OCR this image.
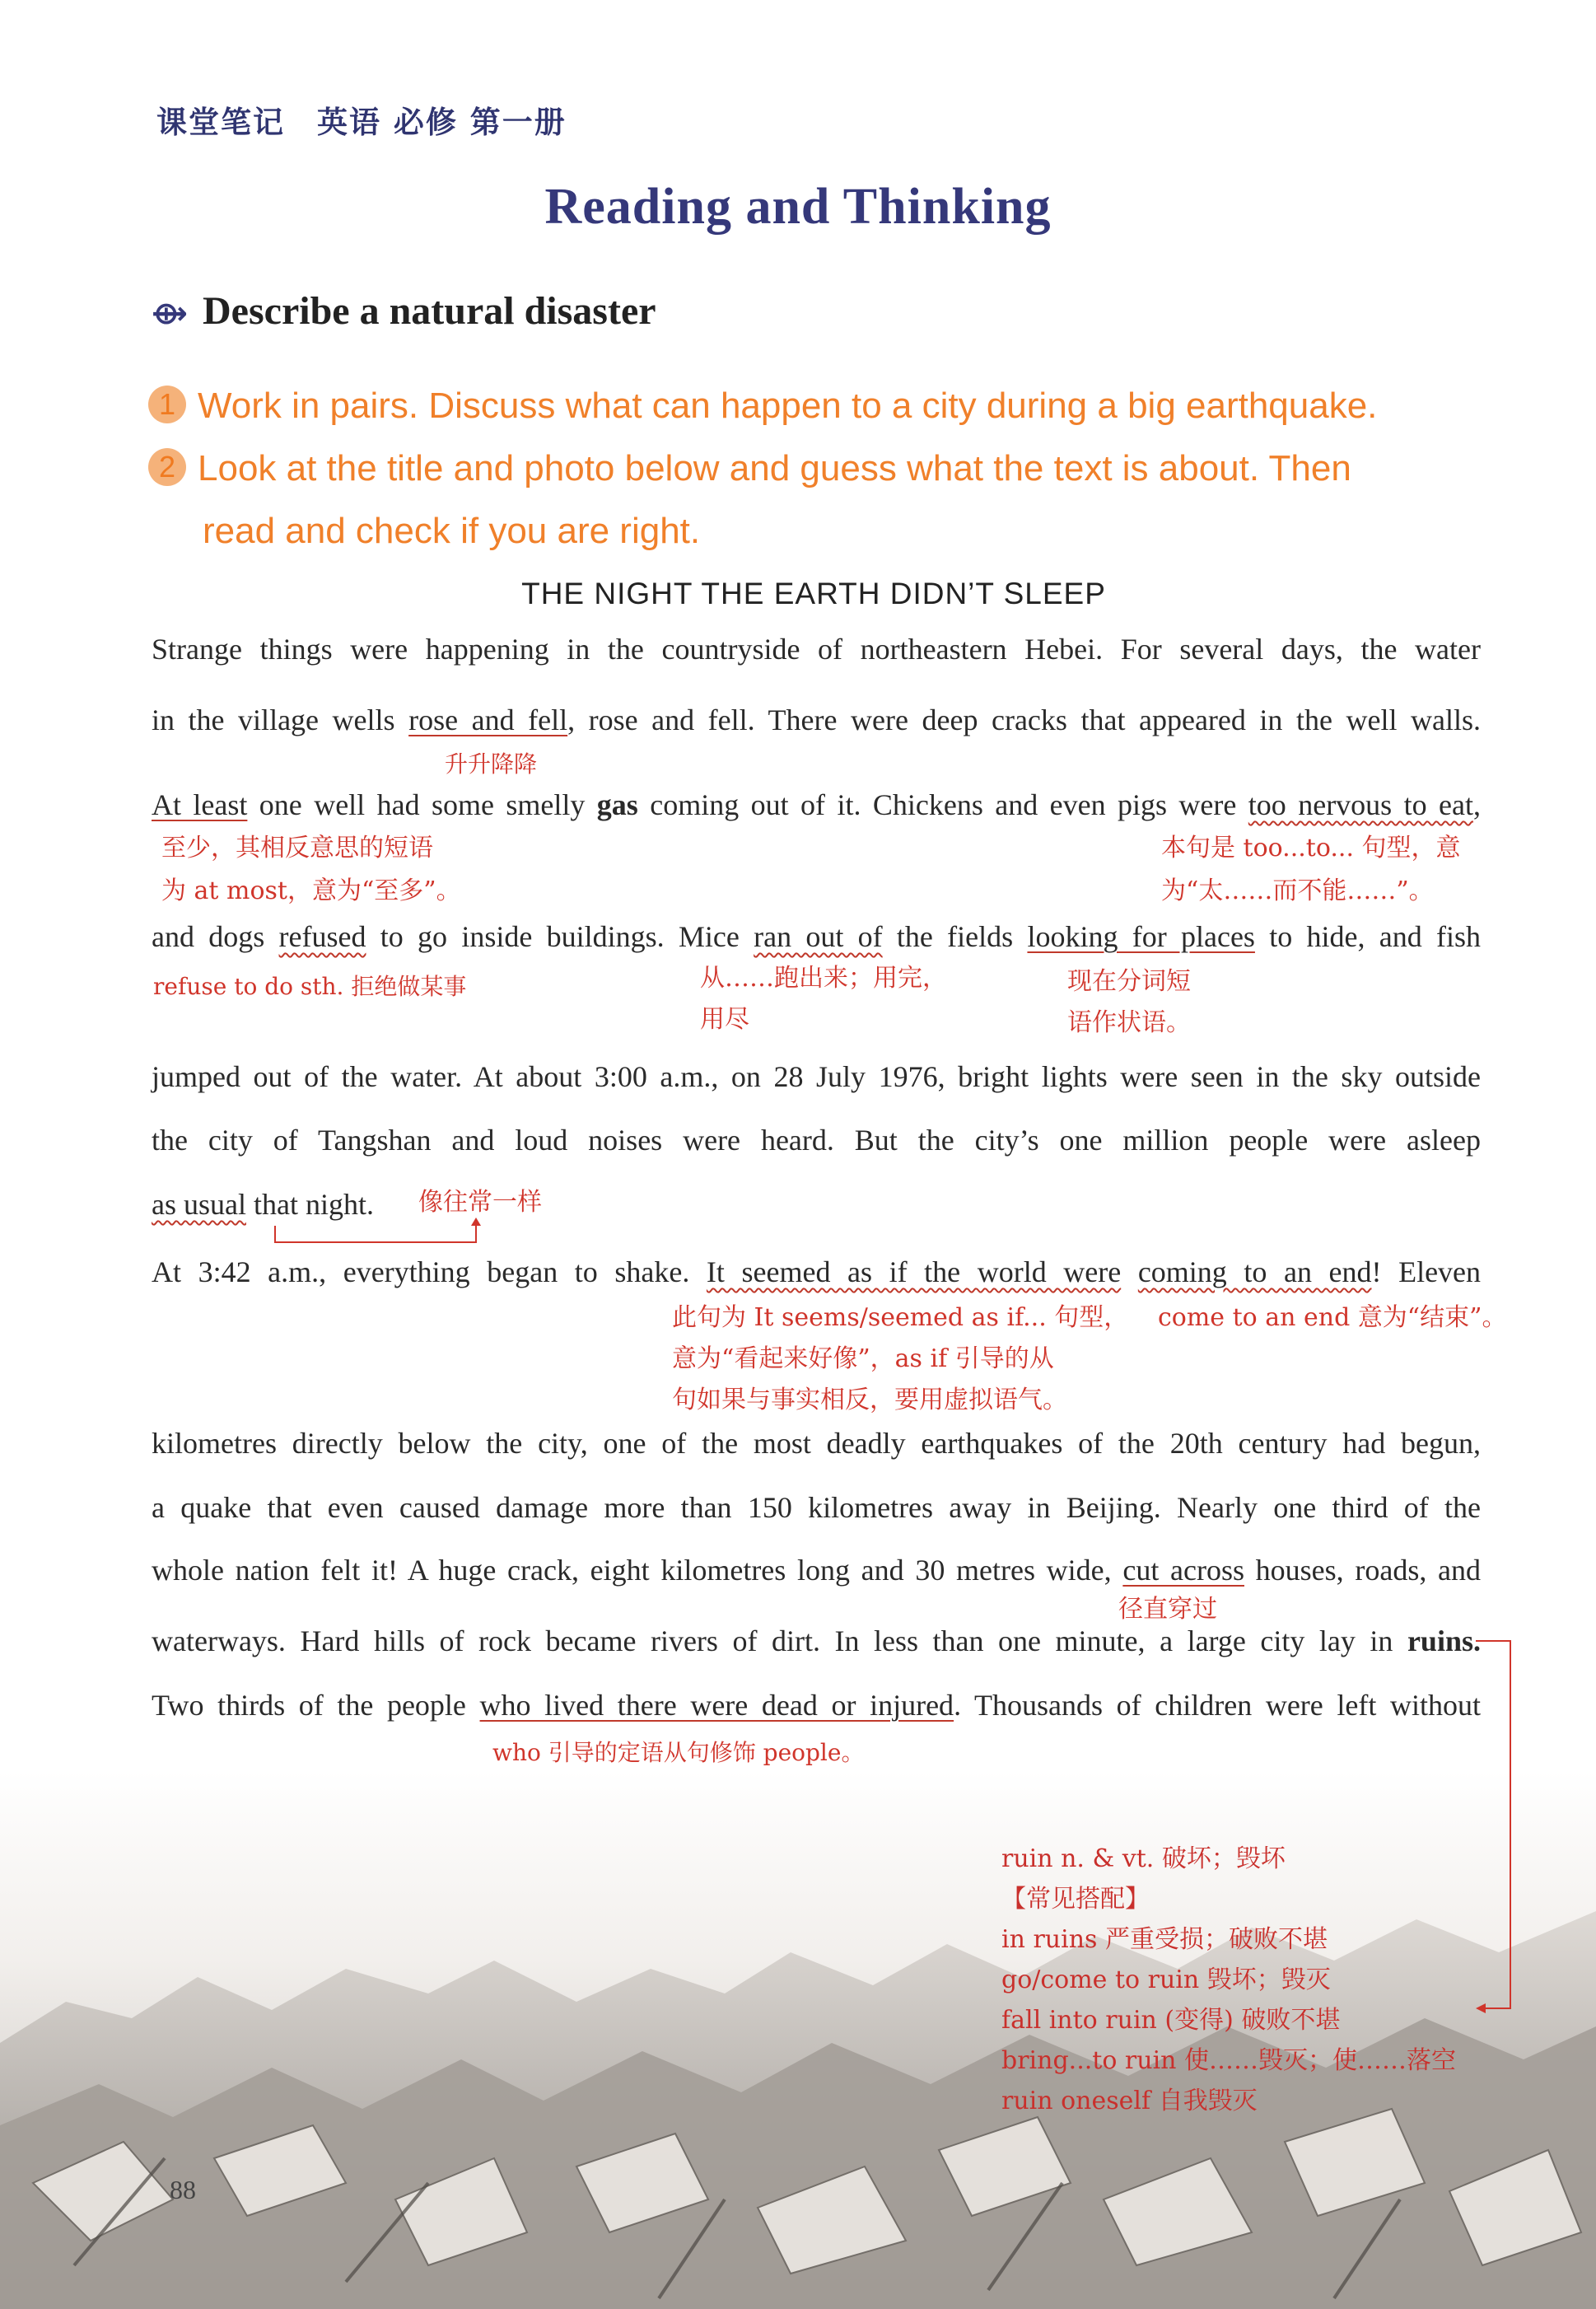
课堂笔记　英语 必修 第一册
Reading and Thinking
⟴ Describe a natural disaster
1 Work in pairs. Discuss what can happen to a city during a big earthquake.
2 Look at the title and photo below and guess what the text is about. Then
read and check if you are right.
THE NIGHT THE EARTH DIDN’T SLEEP
Strange things were happening in the countryside of northeastern Hebei. For several days, the water
in the village wells rose and fell, rose and fell. There were deep cracks that appeared in the well walls.
升升降降
At least one well had some smelly gas coming out of it. Chickens and even pigs were too nervous to eat,
至少，其相反意思的短语
为 at most，意为“至多”。
本句是 too...to... 句型，意
为“太……而不能……”。
and dogs refused to go inside buildings. Mice ran out of the fields looking for places to hide, and fish
refuse to do sth. 拒绝做某事	从……跑出来；用完，
用尽
现在分词短
语作状语。
jumped out of the water. At about 3:00 a.m., on 28 July 1976, bright lights were seen in the sky outside
the city of Tangshan and loud noises were heard. But the city’s one million people were asleep
as usual that night.	像往常一样
At 3:42 a.m., everything began to shake. It seemed as if the world were coming to an end! Eleven
此句为 It seems/seemed as if... 句型，
意为“看起来好像”，as if 引导的从
句如果与事实相反，要用虚拟语气。
come to an end 意为“结束”。
kilometres directly below the city, one of the most deadly earthquakes of the 20th century had begun,
a quake that even caused damage more than 150 kilometres away in Beijing. Nearly one third of the
whole nation felt it! A huge crack, eight kilometres long and 30 metres wide, cut across houses, roads, and
径直穿过
waterways. Hard hills of rock became rivers of dirt. In less than one minute, a large city lay in ruins.
Two thirds of the people who lived there were dead or injured. Thousands of children were left without
who 引导的定语从句修饰 people。
ruin n. & vt. 破坏；毁坏
【常见搭配】
in ruins 严重受损；破败不堪
go/come to ruin 毁坏；毁灭
fall into ruin (变得) 破败不堪
bring...to ruin 使……毁灭；使……落空
ruin oneself 自我毁灭
88
